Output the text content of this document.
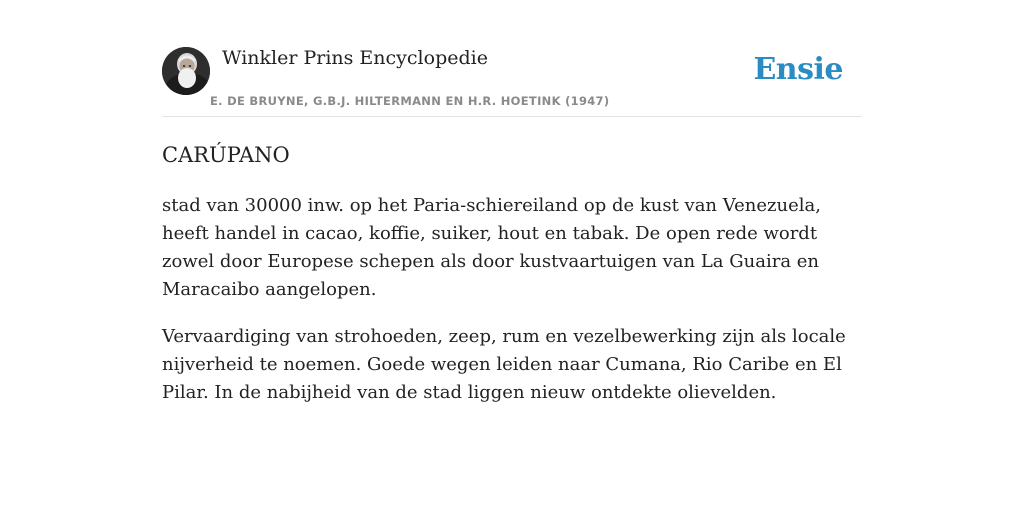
Winkler Prins Encyclopedie
E. DE BRUYNE, G.B.J. HILTERMANN EN H.R. HOETINK (1947)
Ensie
CARÚPANO

stad van 30000 inw. op het Paria-schiereiland op de kust van Venezuela, heeft handel in cacao, koffie, suiker, hout en tabak. De open rede wordt zowel door Europese schepen als door kustvaartuigen van La Guaira en Maracaibo aangelopen.

Vervaardiging van strohoeden, zeep, rum en vezelbewerking zijn als locale nijverheid te noemen. Goede wegen leiden naar Cumana, Rio Caribe en El Pilar. In de nabijheid van de stad liggen nieuw ontdekte olievelden.
